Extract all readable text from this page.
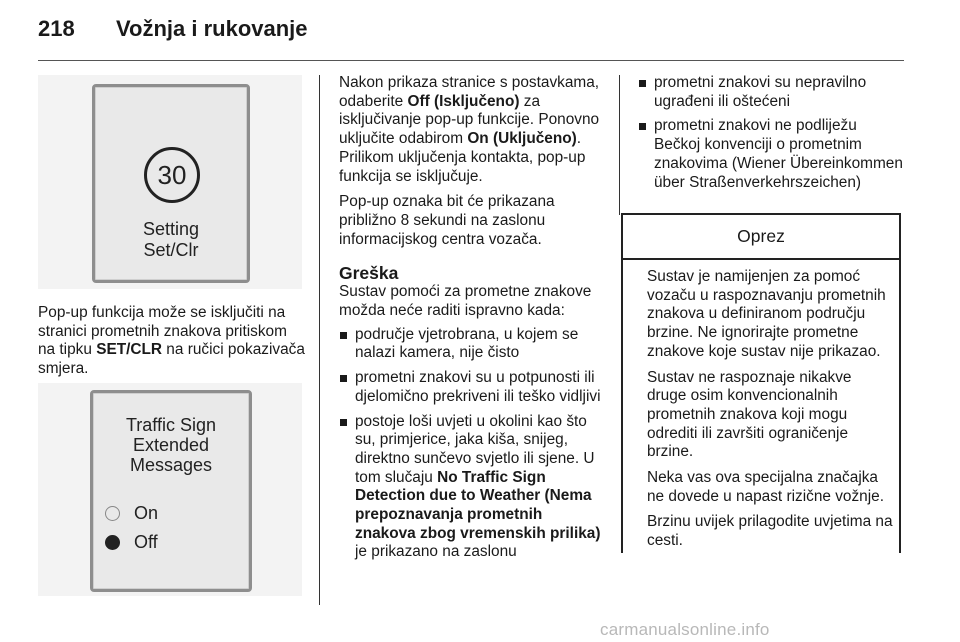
218 Vožnja i rukovanje
30
Setting
Set/Clr

Pop-up funkcija može se isključiti na stranici prometnih znakova pritiskom na tipku SET/CLR na ručici pokazivača smjera.

Traffic Sign
Extended
Messages
On
Off

Nakon prikaza stranice s postavkama, odaberite Off (Isključeno) za isključivanje pop-up funkcije. Ponovno uključite odabirom On (Uključeno). Prilikom uključenja kontakta, pop-up funkcija se isključuje.

Pop-up oznaka bit će prikazana približno 8 sekundi na zaslonu informacijskog centra vozača.

Greška

Sustav pomoći za prometne znakove možda neće raditi ispravno kada:

područje vjetrobrana, u kojem se nalazi kamera, nije čisto
prometni znakovi su u potpunosti ili djelomično prekriveni ili teško vidljivi
postoje loši uvjeti u okolini kao što su, primjerice, jaka kiša, snijeg, direktno sunčevo svjetlo ili sjene. U tom slučaju No Traffic Sign Detection due to Weather (Nema prepoznavanja prometnih znakova zbog vremenskih prilika) je prikazano na zaslonu
prometni znakovi su nepravilno ugrađeni ili oštećeni
prometni znakovi ne podliježu Bečkoj konvenciji o prometnim znakovima (Wiener Übereinkommen über Straßenverkehrszeichen)
Oprez

Sustav je namijenjen za pomoć vozaču u raspoznavanju prometnih znakova u definiranom području brzine. Ne ignorirajte prometne znakove koje sustav nije prikazao.

Sustav ne raspoznaje nikakve druge osim konvencionalnih prometnih znakova koji mogu odrediti ili završiti ograničenje brzine.

Neka vas ova specijalna značajka ne dovede u napast rizične vožnje.

Brzinu uvijek prilagodite uvjetima na cesti.

carmanualsonline.info
